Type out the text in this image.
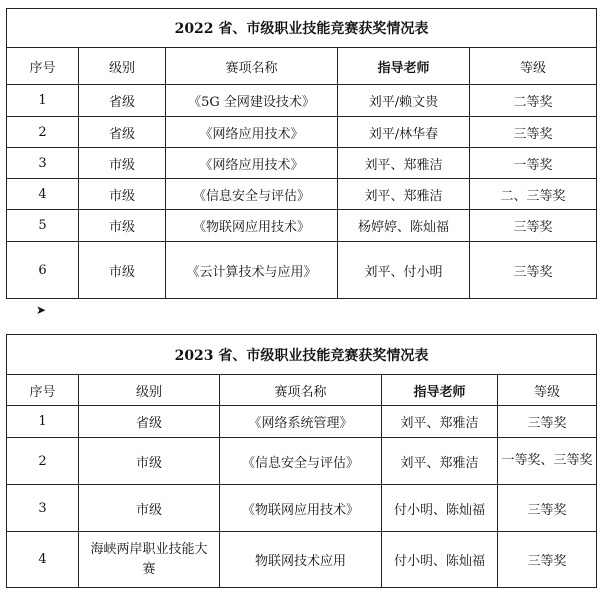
2022 省、市级职业技能竞赛获奖情况表				
序号	级别	赛项名称	指导老师	等级
1	省级	《5G 全网建设技术》	刘平/赖文贵	二等奖
2	省级	《网络应用技术》	刘平/林华春	三等奖
3	市级	《网络应用技术》	刘平、郑雅洁	一等奖
4	市级	《信息安全与评估》	刘平、郑雅洁	二、三等奖
5	市级	《物联网应用技术》	杨婷婷、陈灿福	三等奖
6	市级	《云计算技术与应用》	刘平、付小明	三等奖
➤
2023 省、市级职业技能竞赛获奖情况表				
序号	级别	赛项名称	指导老师	等级
1	省级	《网络系统管理》	刘平、郑雅洁	三等奖
2	市级	《信息安全与评估》	刘平、郑雅洁	一等奖、三等奖

3	市级	《物联网应用技术》	付小明、陈灿福	三等奖
4	海峡两岸职业技能大赛	物联网技术应用	付小明、陈灿福	三等奖
